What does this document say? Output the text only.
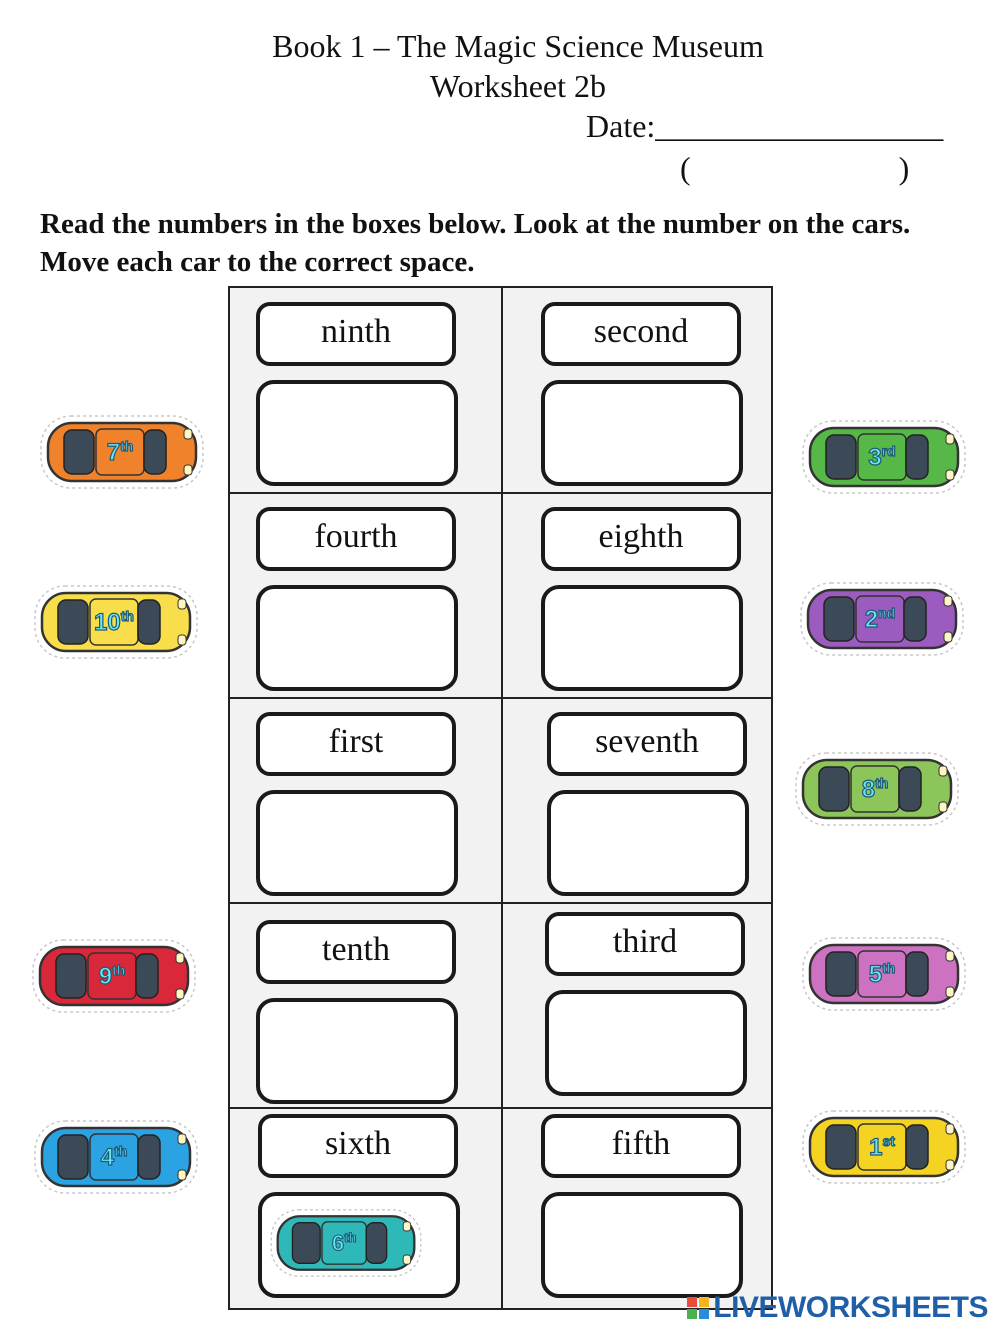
Book 1 – The Magic Science Museum
Worksheet 2b
Date:__________________
(                          )
Read the numbers in the boxes below. Look at the number on the cars. Move each car to the correct space.
ninth	second
fourth	eighth
first	seventh
tenth	third
sixth	fifth
7th
10th
9th
4th
3rd
2nd
8th
5th
1st
6th
LIVEWORKSHEETS
